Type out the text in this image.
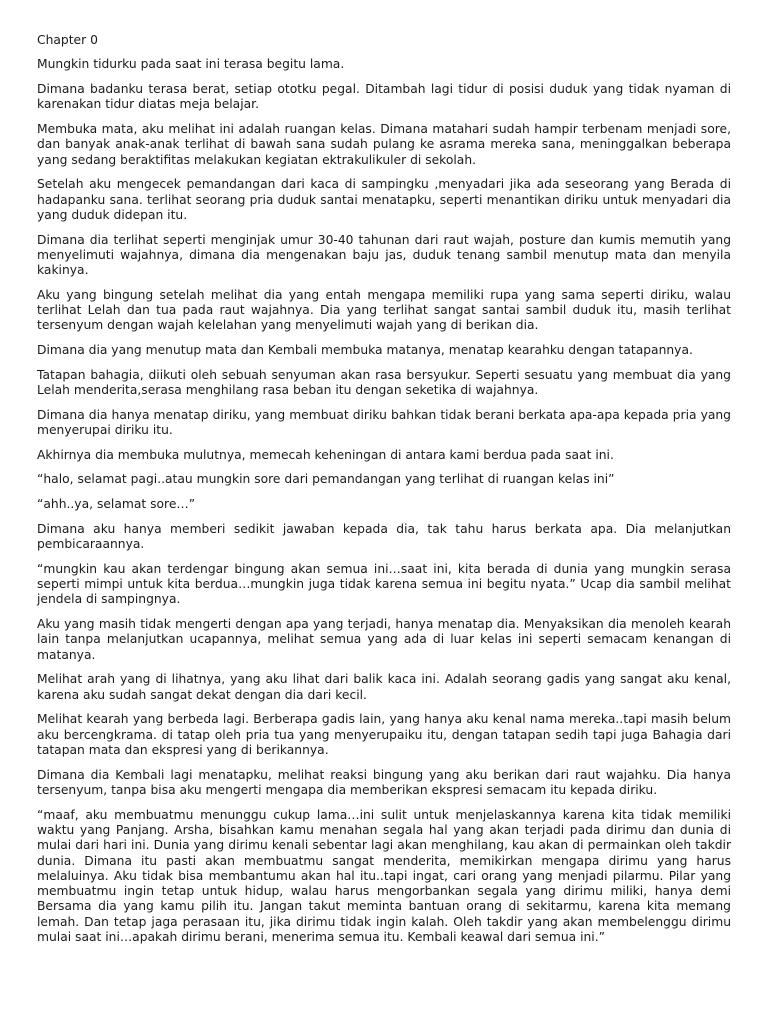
Chapter 0

Mungkin tidurku pada saat ini terasa begitu lama.

Dimana badanku terasa berat, setiap ototku pegal. Ditambah lagi tidur di posisi duduk yang tidak nyaman di karenakan tidur diatas meja belajar.

Membuka mata, aku melihat ini adalah ruangan kelas. Dimana matahari sudah hampir terbenam menjadi sore, dan banyak anak-anak terlihat di bawah sana sudah pulang ke asrama mereka sana, meninggalkan beberapa yang sedang beraktifitas melakukan kegiatan ektrakulikuler di sekolah.

Setelah aku mengecek pemandangan dari kaca di sampingku ,menyadari jika ada seseorang yang Berada di hadapanku sana. terlihat seorang pria duduk santai menatapku, seperti menantikan diriku untuk menyadari dia yang duduk didepan itu.

Dimana dia terlihat seperti menginjak umur 30-40 tahunan dari raut wajah, posture dan kumis memutih yang menyelimuti wajahnya, dimana dia mengenakan baju jas, duduk tenang sambil menutup mata dan menyila kakinya.

Aku yang bingung setelah melihat dia yang entah mengapa memiliki rupa yang sama seperti diriku, walau terlihat Lelah dan tua pada raut wajahnya. Dia yang terlihat sangat santai sambil duduk itu, masih terlihat tersenyum dengan wajah kelelahan yang menyelimuti wajah yang di berikan dia.

Dimana dia yang menutup mata dan Kembali membuka matanya, menatap kearahku dengan tatapannya.

Tatapan bahagia, diikuti oleh sebuah senyuman akan rasa bersyukur. Seperti sesuatu yang membuat dia yang Lelah menderita,serasa menghilang rasa beban itu dengan seketika di wajahnya.

Dimana dia hanya menatap diriku, yang membuat diriku bahkan tidak berani berkata apa-apa kepada pria yang menyerupai diriku itu.

Akhirnya dia membuka mulutnya, memecah keheningan di antara kami berdua pada saat ini.

“halo, selamat pagi..atau mungkin sore dari pemandangan yang terlihat di ruangan kelas ini”

“ahh..ya, selamat sore…”

Dimana aku hanya memberi sedikit jawaban kepada dia, tak tahu harus berkata apa. Dia melanjutkan pembicaraannya.

“mungkin kau akan terdengar bingung akan semua ini…saat ini, kita berada di dunia yang mungkin serasa seperti mimpi untuk kita berdua…mungkin juga tidak karena semua ini begitu nyata.” Ucap dia sambil melihat jendela di sampingnya.

Aku yang masih tidak mengerti dengan apa yang terjadi, hanya menatap dia. Menyaksikan dia menoleh kearah lain tanpa melanjutkan ucapannya, melihat semua yang ada di luar kelas ini seperti semacam kenangan di matanya.

Melihat arah yang di lihatnya, yang aku lihat dari balik kaca ini. Adalah seorang gadis yang sangat aku kenal, karena aku sudah sangat dekat dengan dia dari kecil.

Melihat kearah yang berbeda lagi. Berberapa gadis lain, yang hanya aku kenal nama mereka..tapi masih belum aku bercengkrama. di tatap oleh pria tua yang menyerupaiku itu, dengan tatapan sedih tapi juga Bahagia dari tatapan mata dan ekspresi yang di berikannya.

Dimana dia Kembali lagi menatapku, melihat reaksi bingung yang aku berikan dari raut wajahku. Dia hanya tersenyum, tanpa bisa aku mengerti mengapa dia memberikan ekspresi semacam itu kepada diriku.

“maaf, aku membuatmu menunggu cukup lama…ini sulit untuk menjelaskannya karena kita tidak memiliki waktu yang Panjang. Arsha, bisahkan kamu menahan segala hal yang akan terjadi pada dirimu dan dunia di mulai dari hari ini. Dunia yang dirimu kenali sebentar lagi akan menghilang, kau akan di permainkan oleh takdir dunia. Dimana itu pasti akan membuatmu sangat menderita, memikirkan mengapa dirimu yang harus melaluinya. Aku tidak bisa membantumu akan hal itu..tapi ingat, cari orang yang menjadi pilarmu. Pilar yang membuatmu ingin tetap untuk hidup, walau harus mengorbankan segala yang dirimu miliki, hanya demi Bersama dia yang kamu pilih itu. Jangan takut meminta bantuan orang di sekitarmu, karena kita memang lemah. Dan tetap jaga perasaan itu, jika dirimu tidak ingin kalah. Oleh takdir yang akan membelenggu dirimu mulai saat ini…apakah dirimu berani, menerima semua itu. Kembali keawal dari semua ini.”
